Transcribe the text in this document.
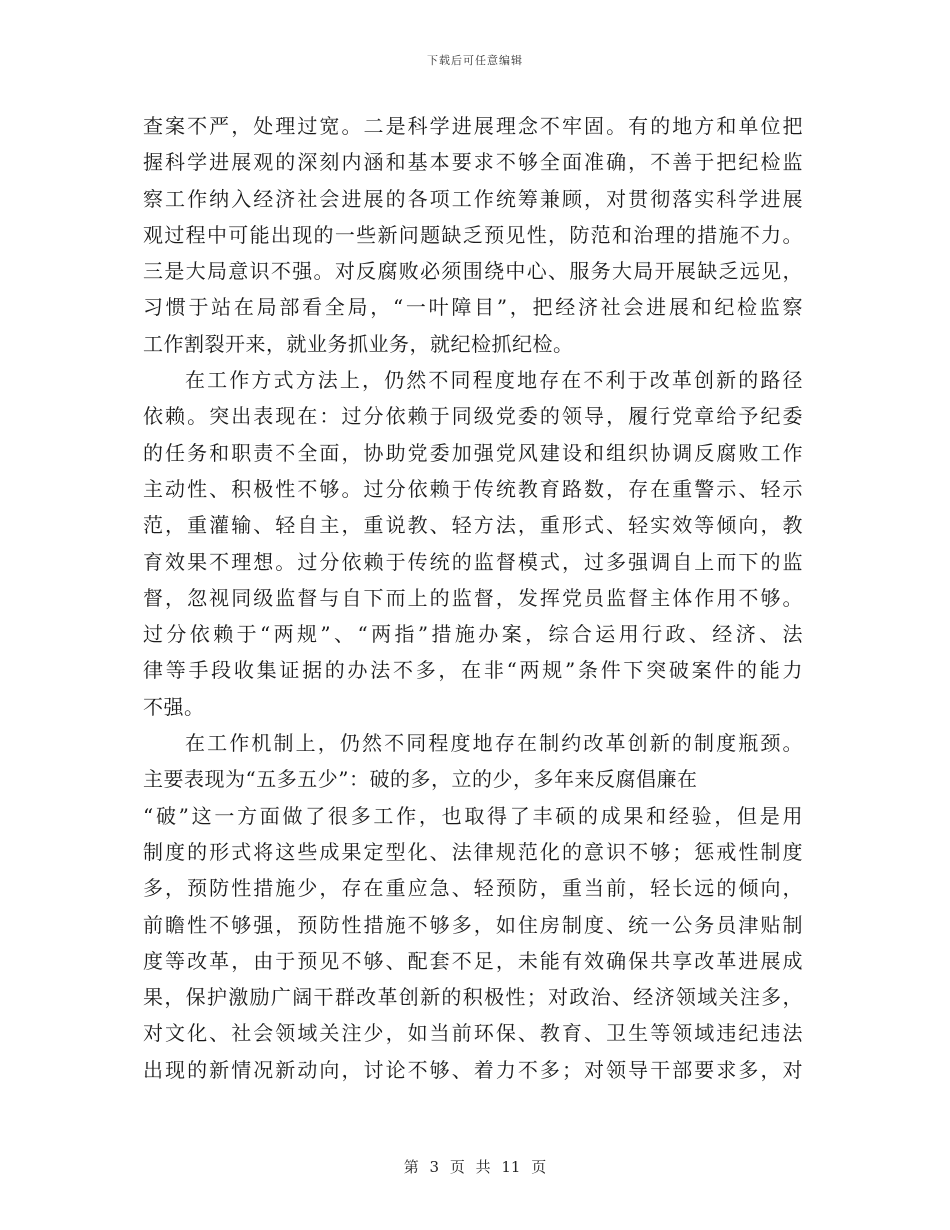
下载后可任意编辑
查案不严，处理过宽。二是科学进展理念不牢固。有的地方和单位把
握科学进展观的深刻内涵和基本要求不够全面准确，不善于把纪检监
察工作纳入经济社会进展的各项工作统筹兼顾，对贯彻落实科学进展
观过程中可能出现的一些新问题缺乏预见性，防范和治理的措施不力。
三是大局意识不强。对反腐败必须围绕中心、服务大局开展缺乏远见，
习惯于站在局部看全局，“一叶障目”，把经济社会进展和纪检监察
工作割裂开来，就业务抓业务，就纪检抓纪检。
在工作方式方法上，仍然不同程度地存在不利于改革创新的路径
依赖。突出表现在：过分依赖于同级党委的领导，履行党章给予纪委
的任务和职责不全面，协助党委加强党风建设和组织协调反腐败工作
主动性、积极性不够。过分依赖于传统教育路数，存在重警示、轻示
范，重灌输、轻自主，重说教、轻方法，重形式、轻实效等倾向，教
育效果不理想。过分依赖于传统的监督模式，过多强调自上而下的监
督，忽视同级监督与自下而上的监督，发挥党员监督主体作用不够。
过分依赖于“两规”、“两指”措施办案，综合运用行政、经济、法
律等手段收集证据的办法不多，在非“两规”条件下突破案件的能力
不强。
在工作机制上，仍然不同程度地存在制约改革创新的制度瓶颈。
主要表现为“五多五少”：破的多，立的少，多年来反腐倡廉在
“破”这一方面做了很多工作，也取得了丰硕的成果和经验，但是用
制度的形式将这些成果定型化、法律规范化的意识不够；惩戒性制度
多，预防性措施少，存在重应急、轻预防，重当前，轻长远的倾向，
前瞻性不够强，预防性措施不够多，如住房制度、统一公务员津贴制
度等改革，由于预见不够、配套不足，未能有效确保共享改革进展成
果，保护激励广阔干群改革创新的积极性；对政治、经济领域关注多，
对文化、社会领域关注少，如当前环保、教育、卫生等领域违纪违法
出现的新情况新动向，讨论不够、着力不多；对领导干部要求多，对
第 3 页 共 11 页
